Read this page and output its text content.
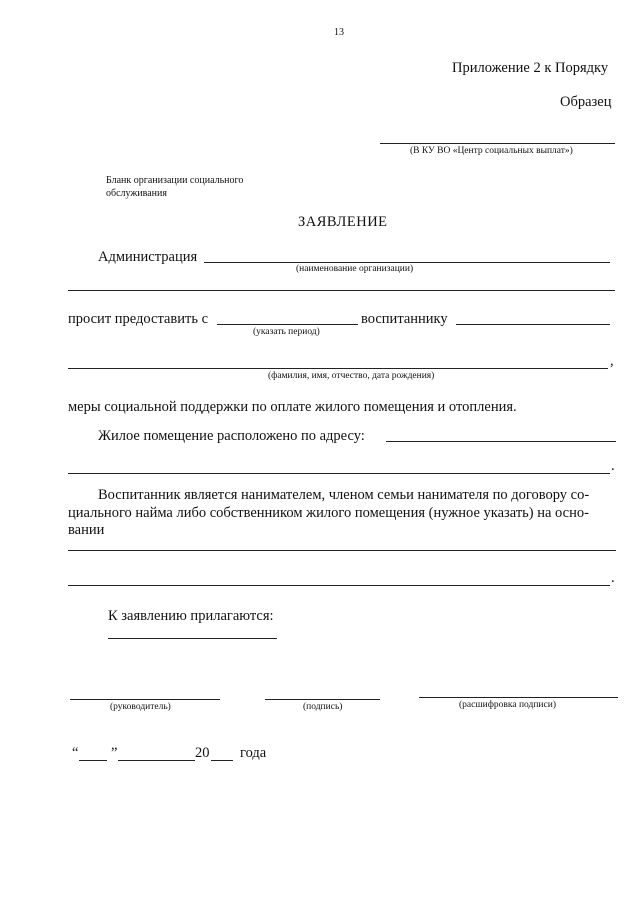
13
Приложение 2 к Порядку
Образец
(В КУ ВО «Центр социальных выплат»)
Бланк организации социального
обслуживания
ЗАЯВЛЕНИЕ
Администрация
(наименование организации)
просит предоставить с	воспитаннику
(указать период)
,
(фамилия, имя, отчество, дата рождения)
меры социальной поддержки по оплате жилого помещения и отопления.
Жилое помещение расположено по адресу:
.
Воспитанник является нанимателем, членом семьи нанимателя по договору со-
циального найма либо собственником жилого помещения (нужное указать) на осно-
вании
.
К заявлению прилагаются:
(руководитель)	(подпись)	(расшифровка подписи)
“ ”	20 года
